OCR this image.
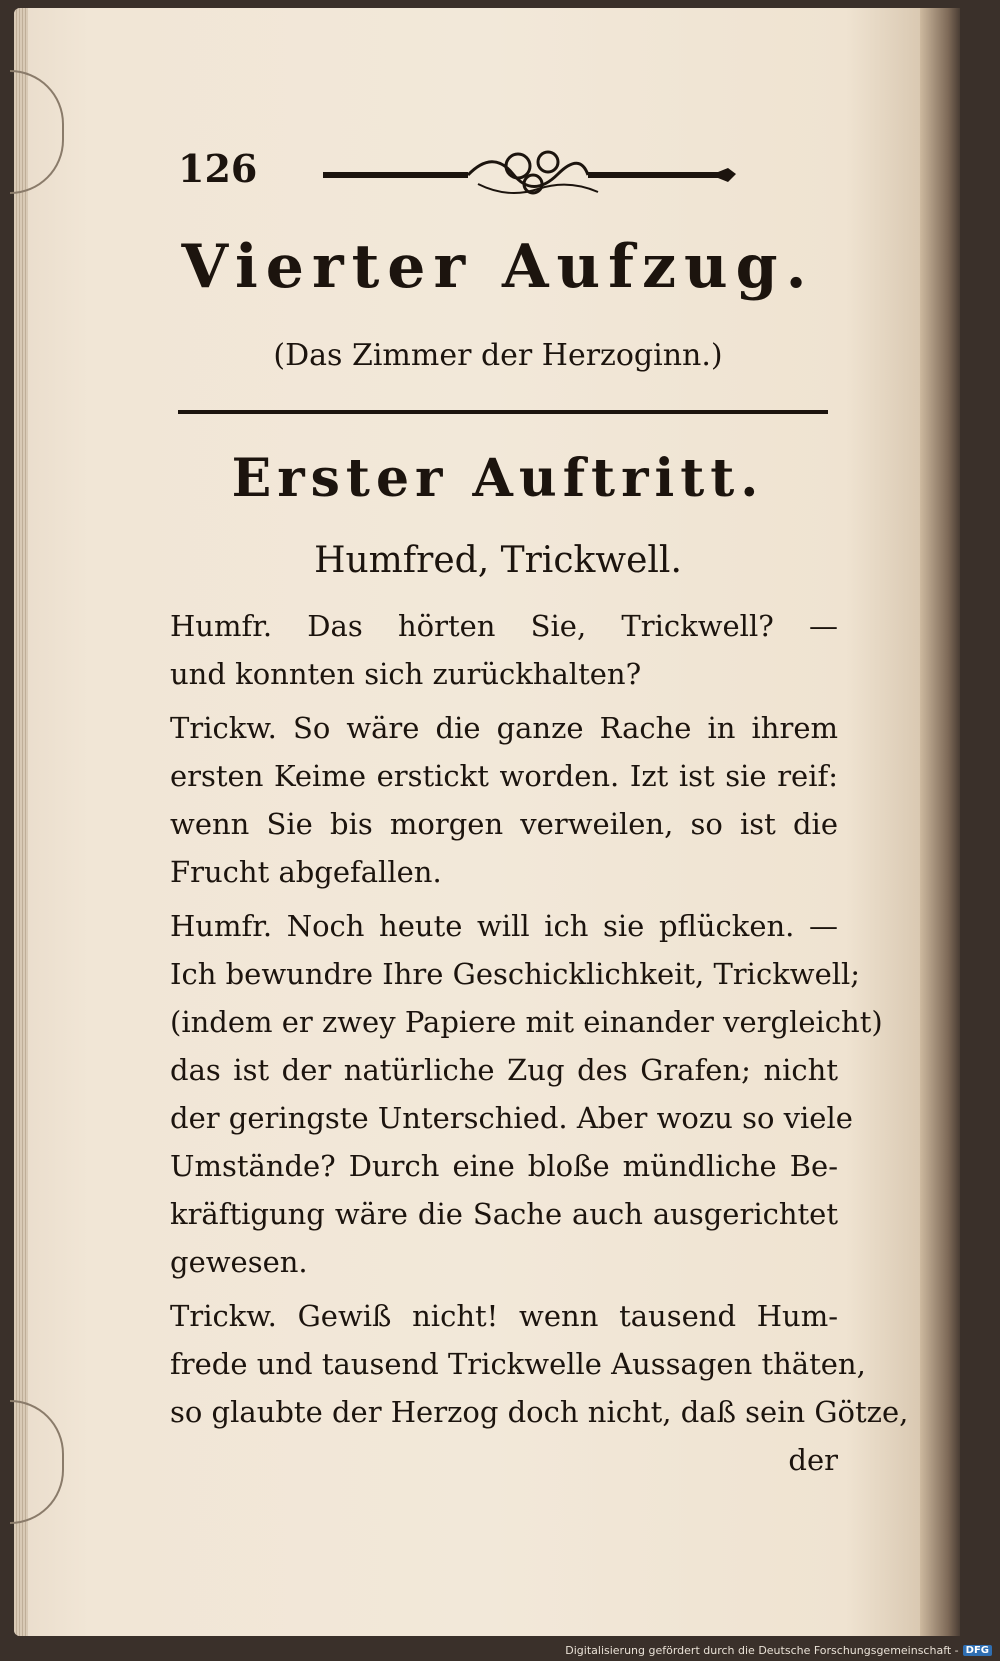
126
Vierter Aufzug.
(Das Zimmer der Herzoginn.)
Erster Auftritt.
Humfred, Trickwell.
Humfr. Das hörten Sie, Trickwell? —
und konnten sich zurückhalten?
Trickw. So wäre die ganze Rache in ihrem
ersten Keime erstickt worden. Izt ist sie reif:
wenn Sie bis morgen verweilen, so ist die
Frucht abgefallen.
Humfr. Noch heute will ich sie pflücken. —
Ich bewundre Ihre Geschicklichkeit, Trickwell;
(indem er zwey Papiere mit einander vergleicht)
das ist der natürliche Zug des Grafen; nicht
der geringste Unterschied. Aber wozu so viele
Umstände? Durch eine bloße mündliche Be-
kräftigung wäre die Sache auch ausgerichtet
gewesen.
Trickw. Gewiß nicht! wenn tausend Hum-
frede und tausend Trickwelle Aussagen thäten,
so glaubte der Herzog doch nicht, daß sein Götze,
der
Digitalisierung gefördert durch die Deutsche Forschungsgemeinschaft - DFG
